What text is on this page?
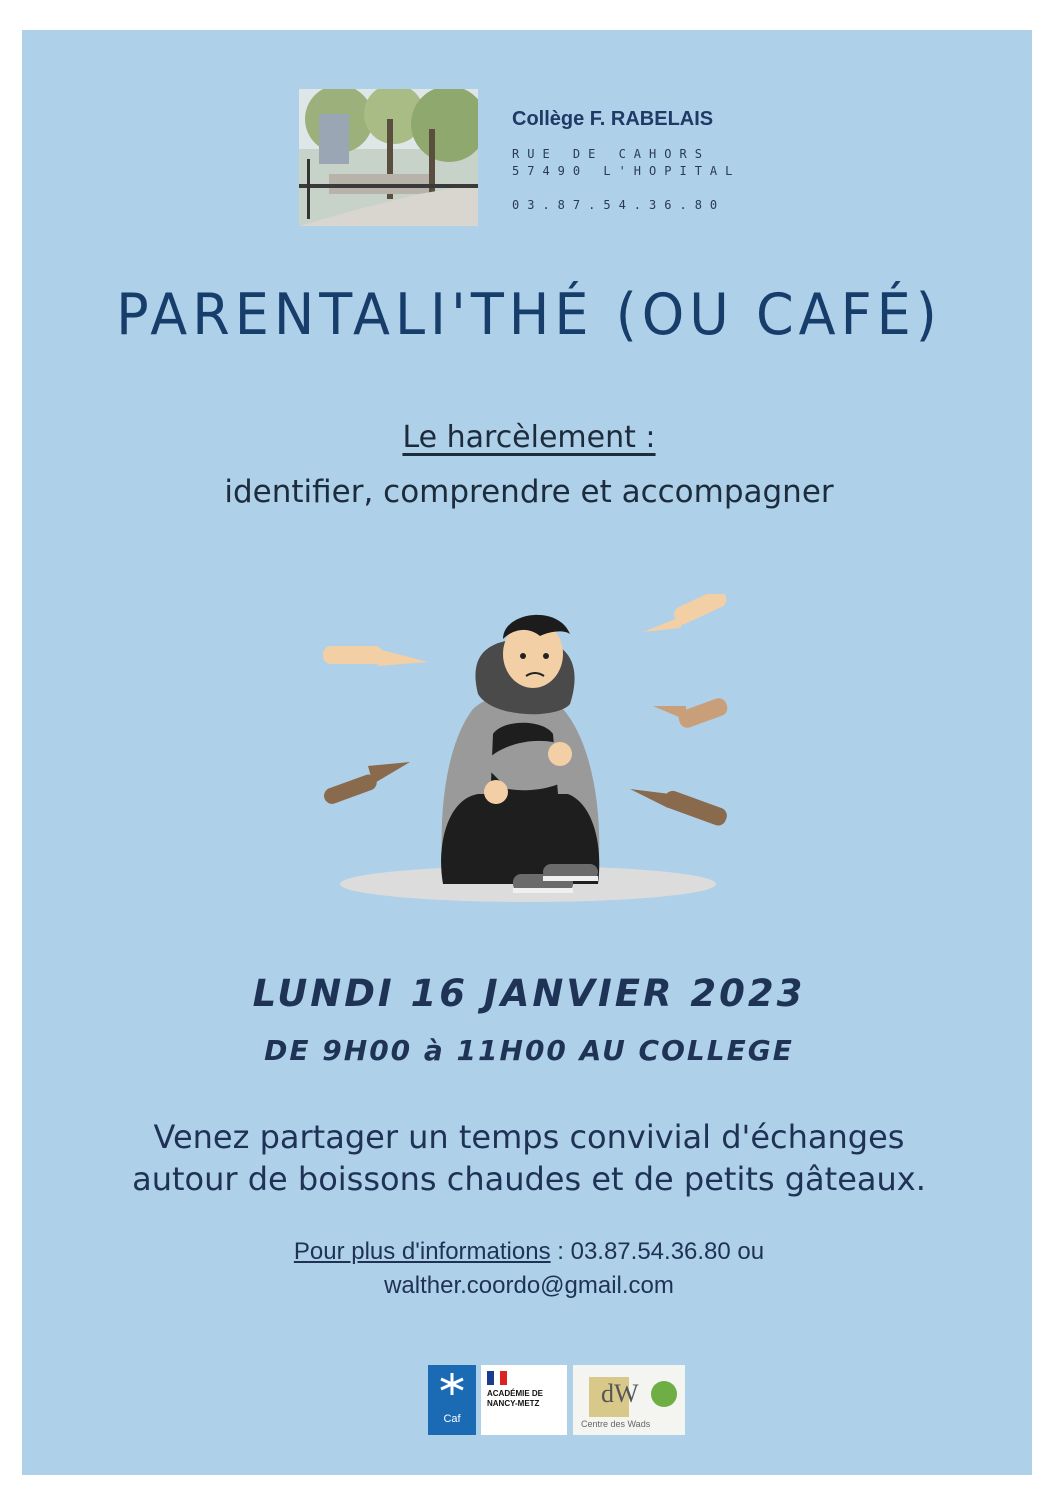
Collège F. RABELAIS
RUE DE CAHORS
57490 L'HOPITAL
03.87.54.36.80
PARENTALI'THÉ (OU CAFÉ)
Le harcèlement :
identifier, comprendre et accompagner
LUNDI 16 JANVIER 2023
DE 9H00 à 11H00 AU COLLEGE
Venez partager un temps convivial d'échanges
autour de boissons chaudes et de petits gâteaux.
Pour plus d'informations : 03.87.54.36.80 ou
walther.coordo@gmail.com
Caf
ACADÉMIE DE NANCY-METZ	dW
Centre des Wads
